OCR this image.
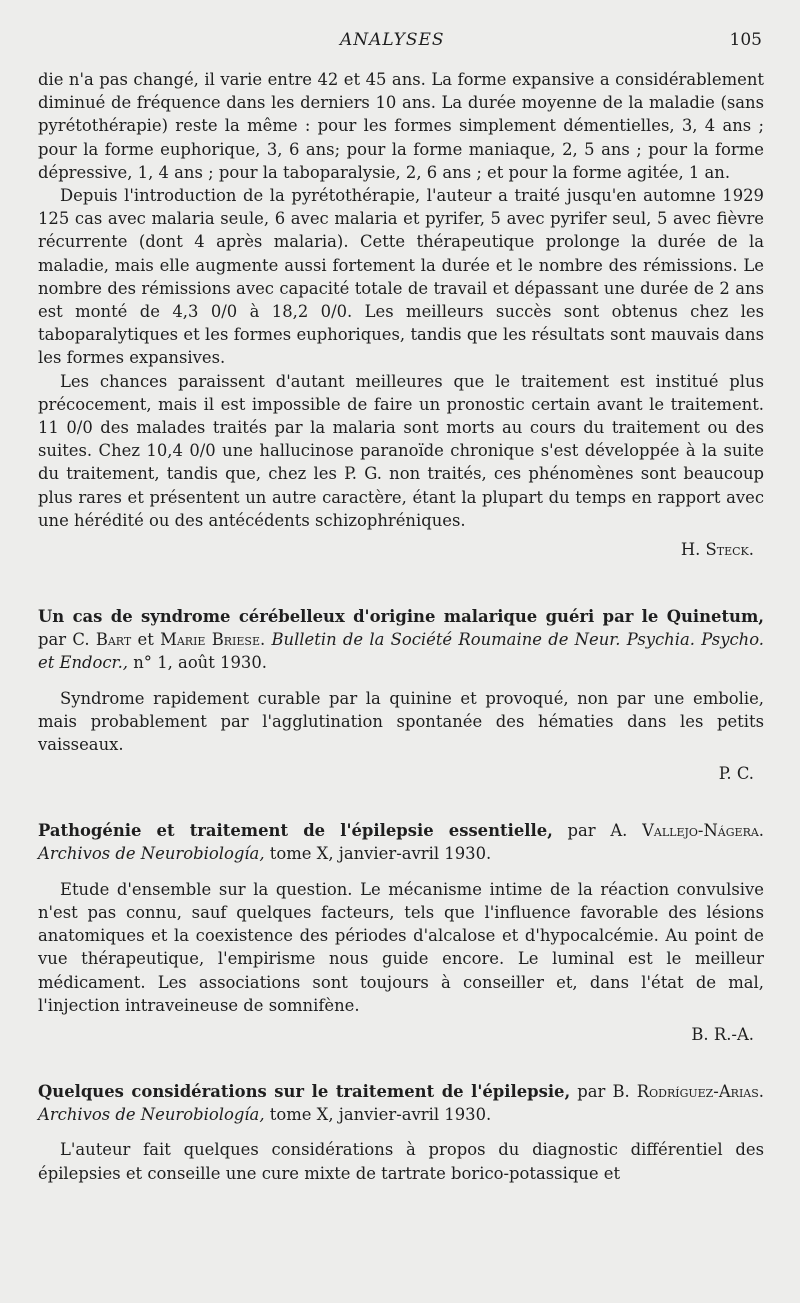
ANALYSES	105

die n'a pas changé, il varie entre 42 et 45 ans. La forme expansive a considérablement diminué de fréquence dans les derniers 10 ans. La durée moyenne de la maladie (sans pyrétothérapie) reste la même : pour les formes simplement démentielles, 3, 4 ans ; pour la forme euphorique, 3, 6 ans; pour la forme maniaque, 2, 5 ans ; pour la forme dépressive, 1, 4 ans ; pour la taboparalysie, 2, 6 ans ; et pour la forme agitée, 1 an.

Depuis l'introduction de la pyrétothérapie, l'auteur a traité jusqu'en automne 1929 125 cas avec malaria seule, 6 avec malaria et pyrifer, 5 avec pyrifer seul, 5 avec fièvre récurrente (dont 4 après malaria). Cette thérapeutique prolonge la durée de la maladie, mais elle augmente aussi fortement la durée et le nombre des rémissions. Le nombre des rémissions avec capacité totale de travail et dépassant une durée de 2 ans est monté de 4,3 0/0 à 18,2 0/0. Les meilleurs succès sont obtenus chez les taboparalytiques et les formes euphoriques, tandis que les résultats sont mauvais dans les formes expansives.

Les chances paraissent d'autant meilleures que le traitement est institué plus précocement, mais il est impossible de faire un pronostic certain avant le traitement. 11 0/0 des malades traités par la malaria sont morts au cours du traitement ou des suites. Chez 10,4 0/0 une hallucinose paranoïde chronique s'est développée à la suite du traitement, tandis que, chez les P. G. non traités, ces phénomènes sont beaucoup plus rares et présentent un autre caractère, étant la plupart du temps en rapport avec une hérédité ou des antécédents schizophréniques.

H. Steck.
Un cas de syndrome cérébelleux d'origine malarique guéri par le Quinetum, par C. Bart et Marie Briese. Bulletin de la Société Roumaine de Neur. Psychia. Psycho. et Endocr., n° 1, août 1930.

Syndrome rapidement curable par la quinine et provoqué, non par une embolie, mais probablement par l'agglutination spontanée des hématies dans les petits vaisseaux.

P. C.
Pathogénie et traitement de l'épilepsie essentielle, par A. Vallejo-Nágera. Archivos de Neurobiología, tome X, janvier-avril 1930.

Etude d'ensemble sur la question. Le mécanisme intime de la réaction convulsive n'est pas connu, sauf quelques facteurs, tels que l'influence favorable des lésions anatomiques et la coexistence des périodes d'alcalose et d'hypocalcémie. Au point de vue thérapeutique, l'empirisme nous guide encore. Le luminal est le meilleur médicament. Les associations sont toujours à conseiller et, dans l'état de mal, l'injection intraveineuse de somnifène.

B. R.-A.
Quelques considérations sur le traitement de l'épilepsie, par B. Rodríguez-Arias. Archivos de Neurobiología, tome X, janvier-avril 1930.

L'auteur fait quelques considérations à propos du diagnostic différentiel des épilepsies et conseille une cure mixte de tartrate borico-potassique et
